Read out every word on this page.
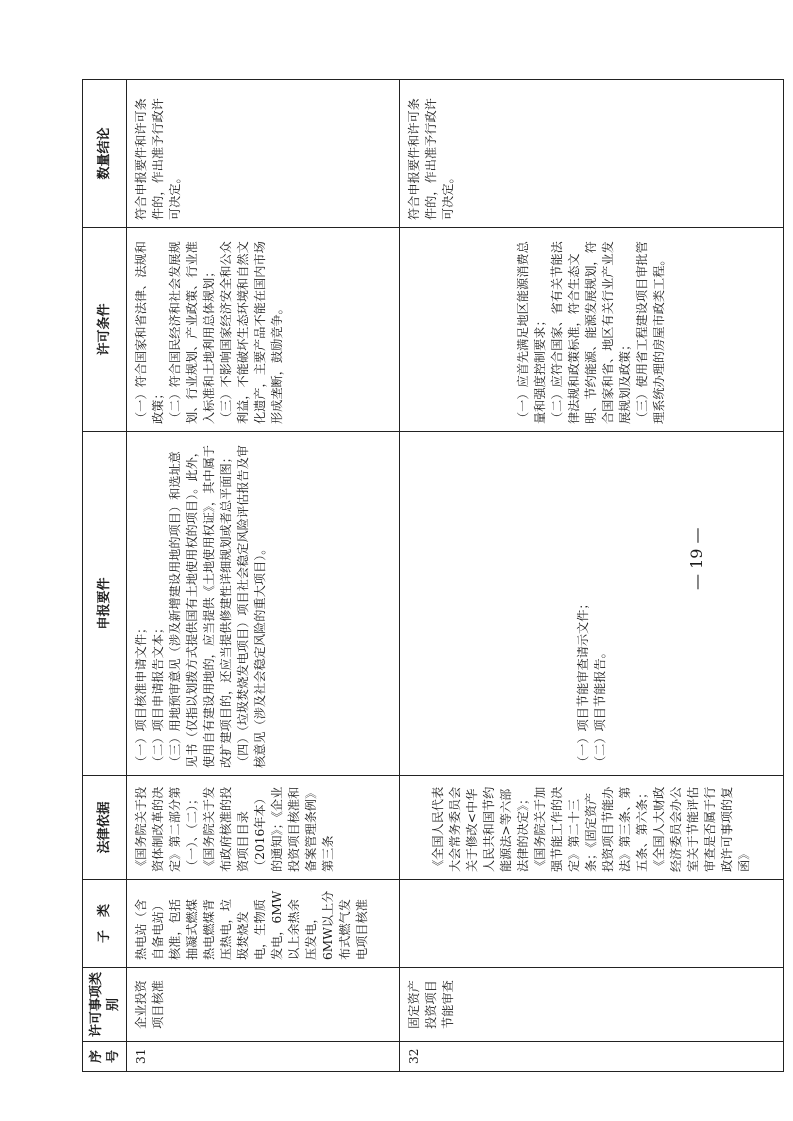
序号	许可事项类别	子　类	法律依据	申报要件	许可条件	数量结论
31	企业投资项目核准	热电站（含自备电站）核准，包括抽凝式燃煤热电燃煤背压热电，垃圾焚烧发电，生物质发电，6MW以上余热余压发电，6MW以上分布式燃气发电项目核准	《国务院关于投资体制改革的决定》第二部分第（一）、（二）；《国务院关于发布政府核准的投资项目目录（2016年本）的通知》；《企业投资项目核准和备案管理条例》第三条	（一）项目核准申请文件； （二）项目申请报告文本； （三）用地预审意见（涉及新增建设用地的项目）和选址意见书（仅指以划拨方式提供国有土地使用权的项目）。此外，使用自有建设用地的，应当提供《土地使用权证》，其中属于改扩建项目的，还应当提供修建性详细规划或者总平面图； （四）（垃圾焚烧发电项目）项目社会稳定风险评估报告及审核意见（涉及社会稳定风险的重大项目）。	（一）符合国家和省法律、法规和政策； （二）符合国民经济和社会发展规划、行业规划、产业政策、行业准入标准和土地利用总体规划； （三）不影响国家经济安全和公众利益，不能破坏生态环境和自然文化遗产，主要产品不能在国内市场形成垄断，鼓励竞争。	符合申报要件和许可条件的，作出准予行政许可决定。
32	固定资产投资项目节能审查		《全国人民代表大会常务委员会关于修改<中华人民共和国节约能源法>等六部法律的决定》；《国务院关于加强节能工作的决定》第二十三条；《固定资产投资项目节能办法》第三条、第五条、第六条；《全国人大财政经济委员会办公室关于节能评估审查是否属于行政许可事项的复函》	（一）项目节能审查请示文件； （二）项目节能报告。	（一）应首先满足地区能源消费总量和强度控制要求； （二）应符合国家、省有关节能法律法规和政策标准，符合生态文明、节约能源、能源发展规划，符合国家和省、地区有关行业产业发展规划及政策； （三）使用省工程建设项目审批管理系统办理的房屋市政类工程。	符合申报要件和许可条件的，作出准予行政许可决定。
— 19 —
